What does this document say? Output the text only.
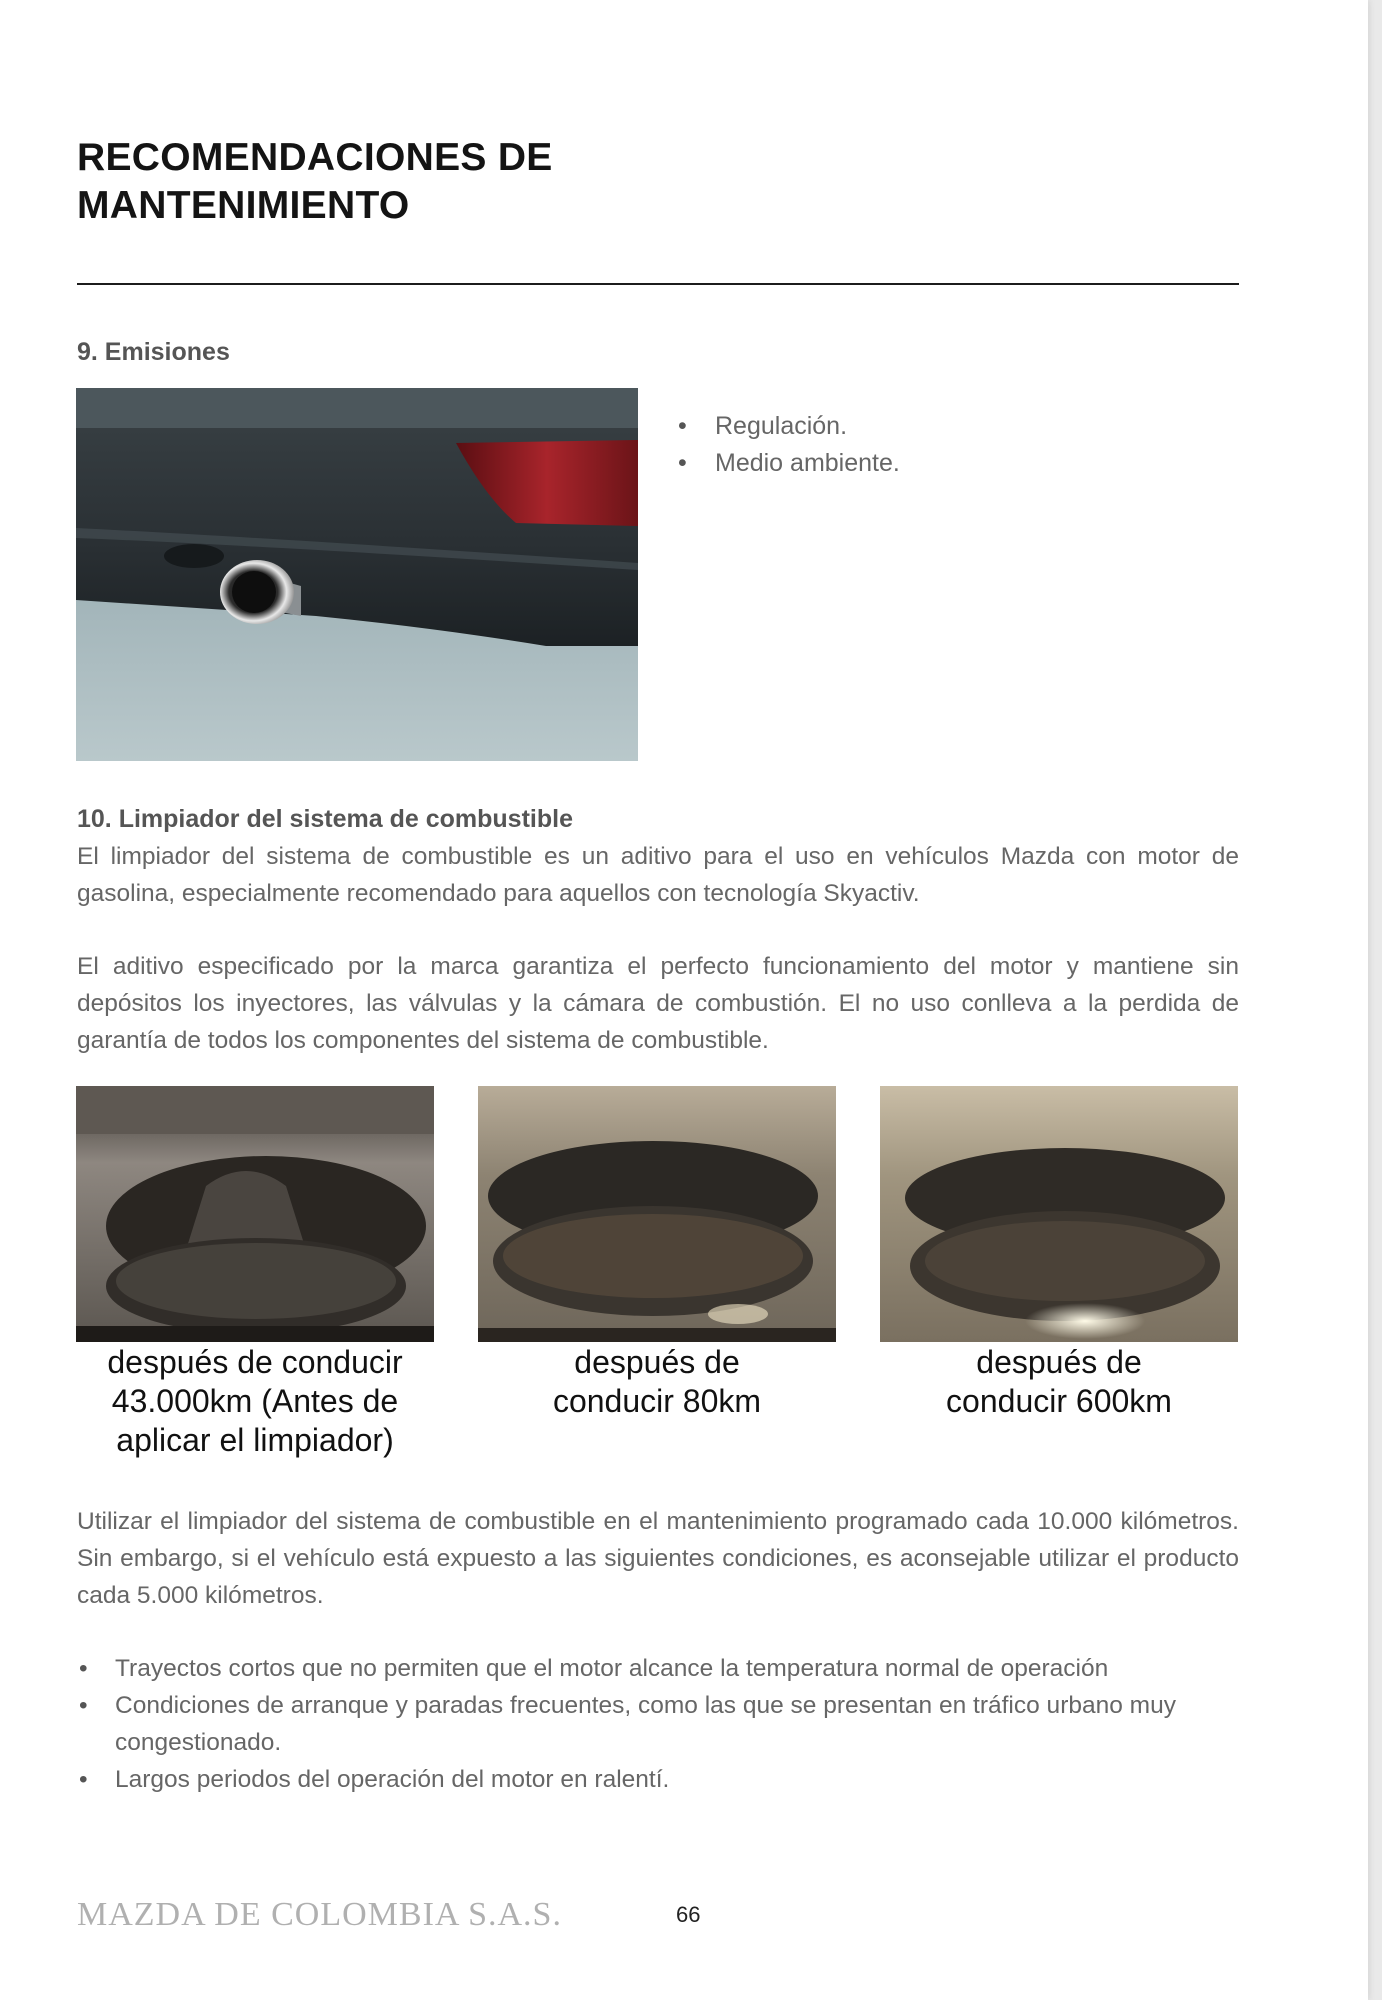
RECOMENDACIONES DE
MANTENIMIENTO
9. Emisiones
• Regulación.
• Medio ambiente.
10. Limpiador del sistema de combustible

El limpiador del sistema de combustible es un aditivo para el uso en vehículos Mazda con motor de gasolina, especialmente recomendado para aquellos con tecnología Skyactiv.

El aditivo especificado por la marca garantiza el perfecto funcionamiento del motor y mantiene sin depósitos los inyectores, las válvulas y la cámara de combustión. El no uso conlleva a la perdida de garantía de todos los componentes del sistema de combustible.

después de conducir 43.000km (Antes de aplicar el limpiador)
después de conducir 80km
después de conducir 600km

Utilizar el limpiador del sistema de combustible en el mantenimiento programado cada 10.000 kilómetros. Sin embargo, si el vehículo está expuesto a las siguientes condiciones, es aconsejable utilizar el producto cada 5.000 kilómetros.

• Trayectos cortos que no permiten que el motor alcance la temperatura normal de operación
• Condiciones de arranque y paradas frecuentes, como las que se presentan en tráfico urbano muy congestionado.
• Largos periodos del operación del motor en ralentí.
MAZDA DE COLOMBIA S.A.S.	66
